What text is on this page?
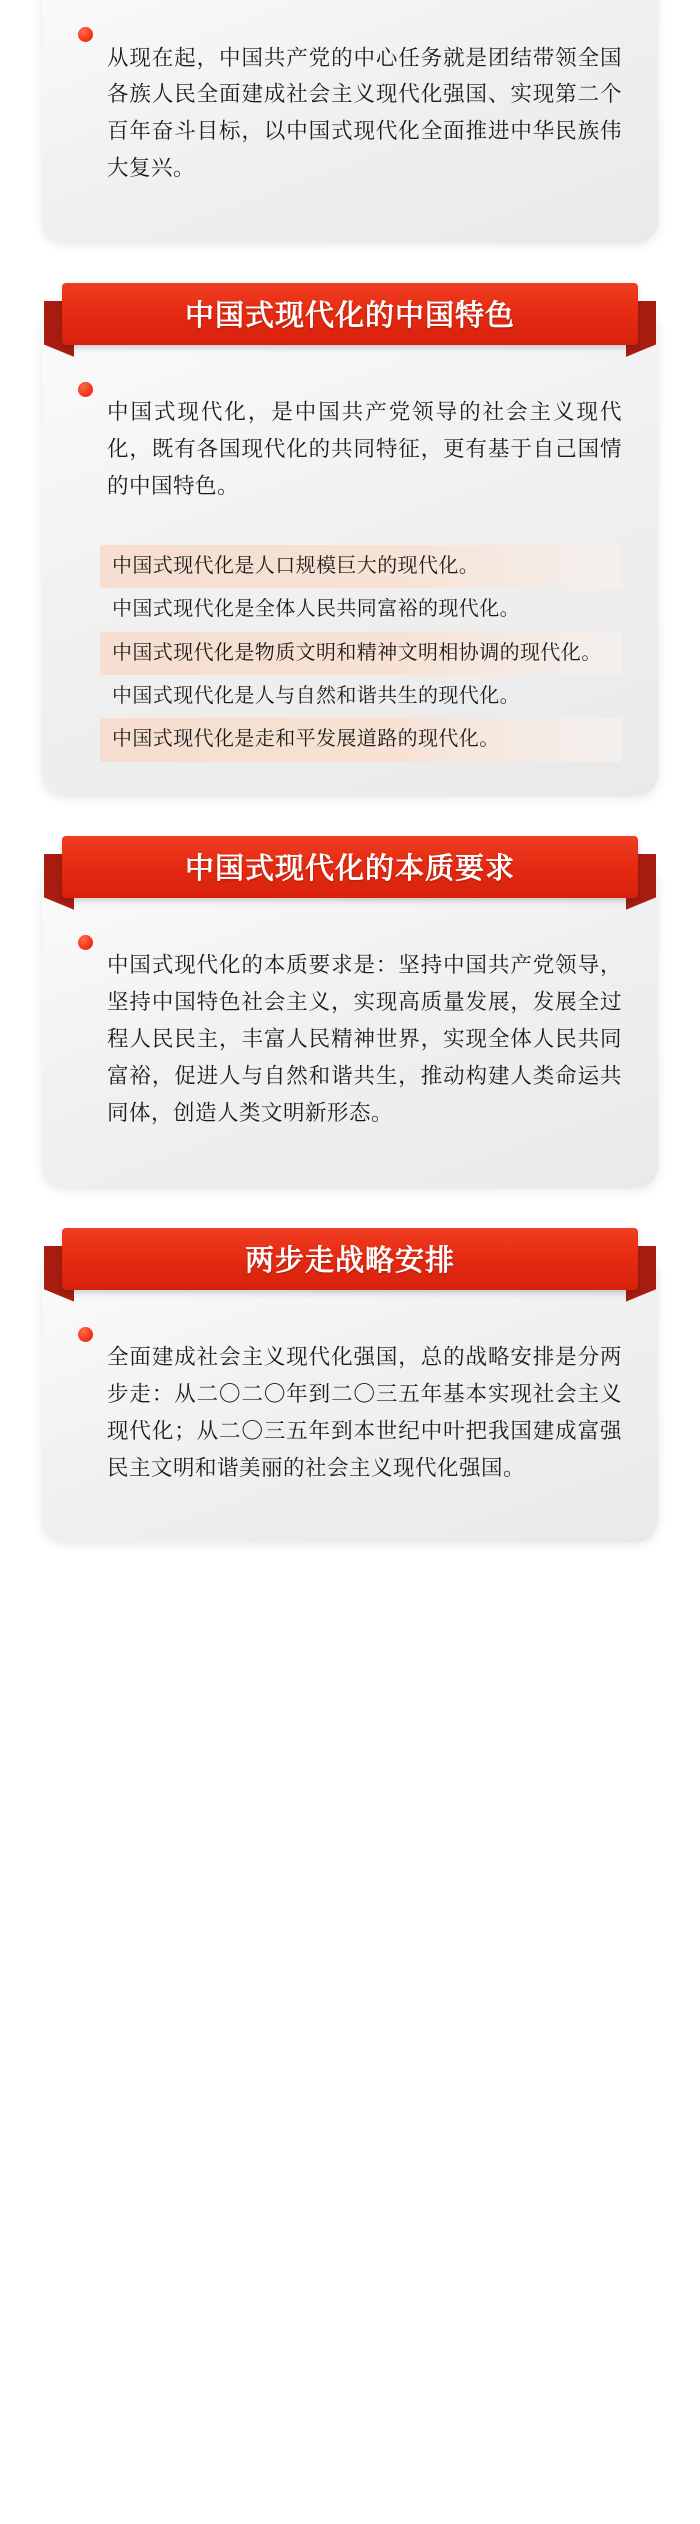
从现在起，中国共产党的中心任务就是团结带领全国各族人民全面建成社会主义现代化强国、实现第二个百年奋斗目标，以中国式现代化全面推进中华民族伟大复兴。

中国式现代化的中国特色

中国式现代化，是中国共产党领导的社会主义现代化，既有各国现代化的共同特征，更有基于自己国情的中国特色。

中国式现代化是人口规模巨大的现代化。
中国式现代化是全体人民共同富裕的现代化。
中国式现代化是物质文明和精神文明相协调的现代化。
中国式现代化是人与自然和谐共生的现代化。
中国式现代化是走和平发展道路的现代化。
中国式现代化的本质要求

中国式现代化的本质要求是：坚持中国共产党领导，坚持中国特色社会主义，实现高质量发展，发展全过程人民民主，丰富人民精神世界，实现全体人民共同富裕，促进人与自然和谐共生，推动构建人类命运共同体，创造人类文明新形态。

两步走战略安排

全面建成社会主义现代化强国，总的战略安排是分两步走：从二〇二〇年到二〇三五年基本实现社会主义现代化；从二〇三五年到本世纪中叶把我国建成富强民主文明和谐美丽的社会主义现代化强国。
